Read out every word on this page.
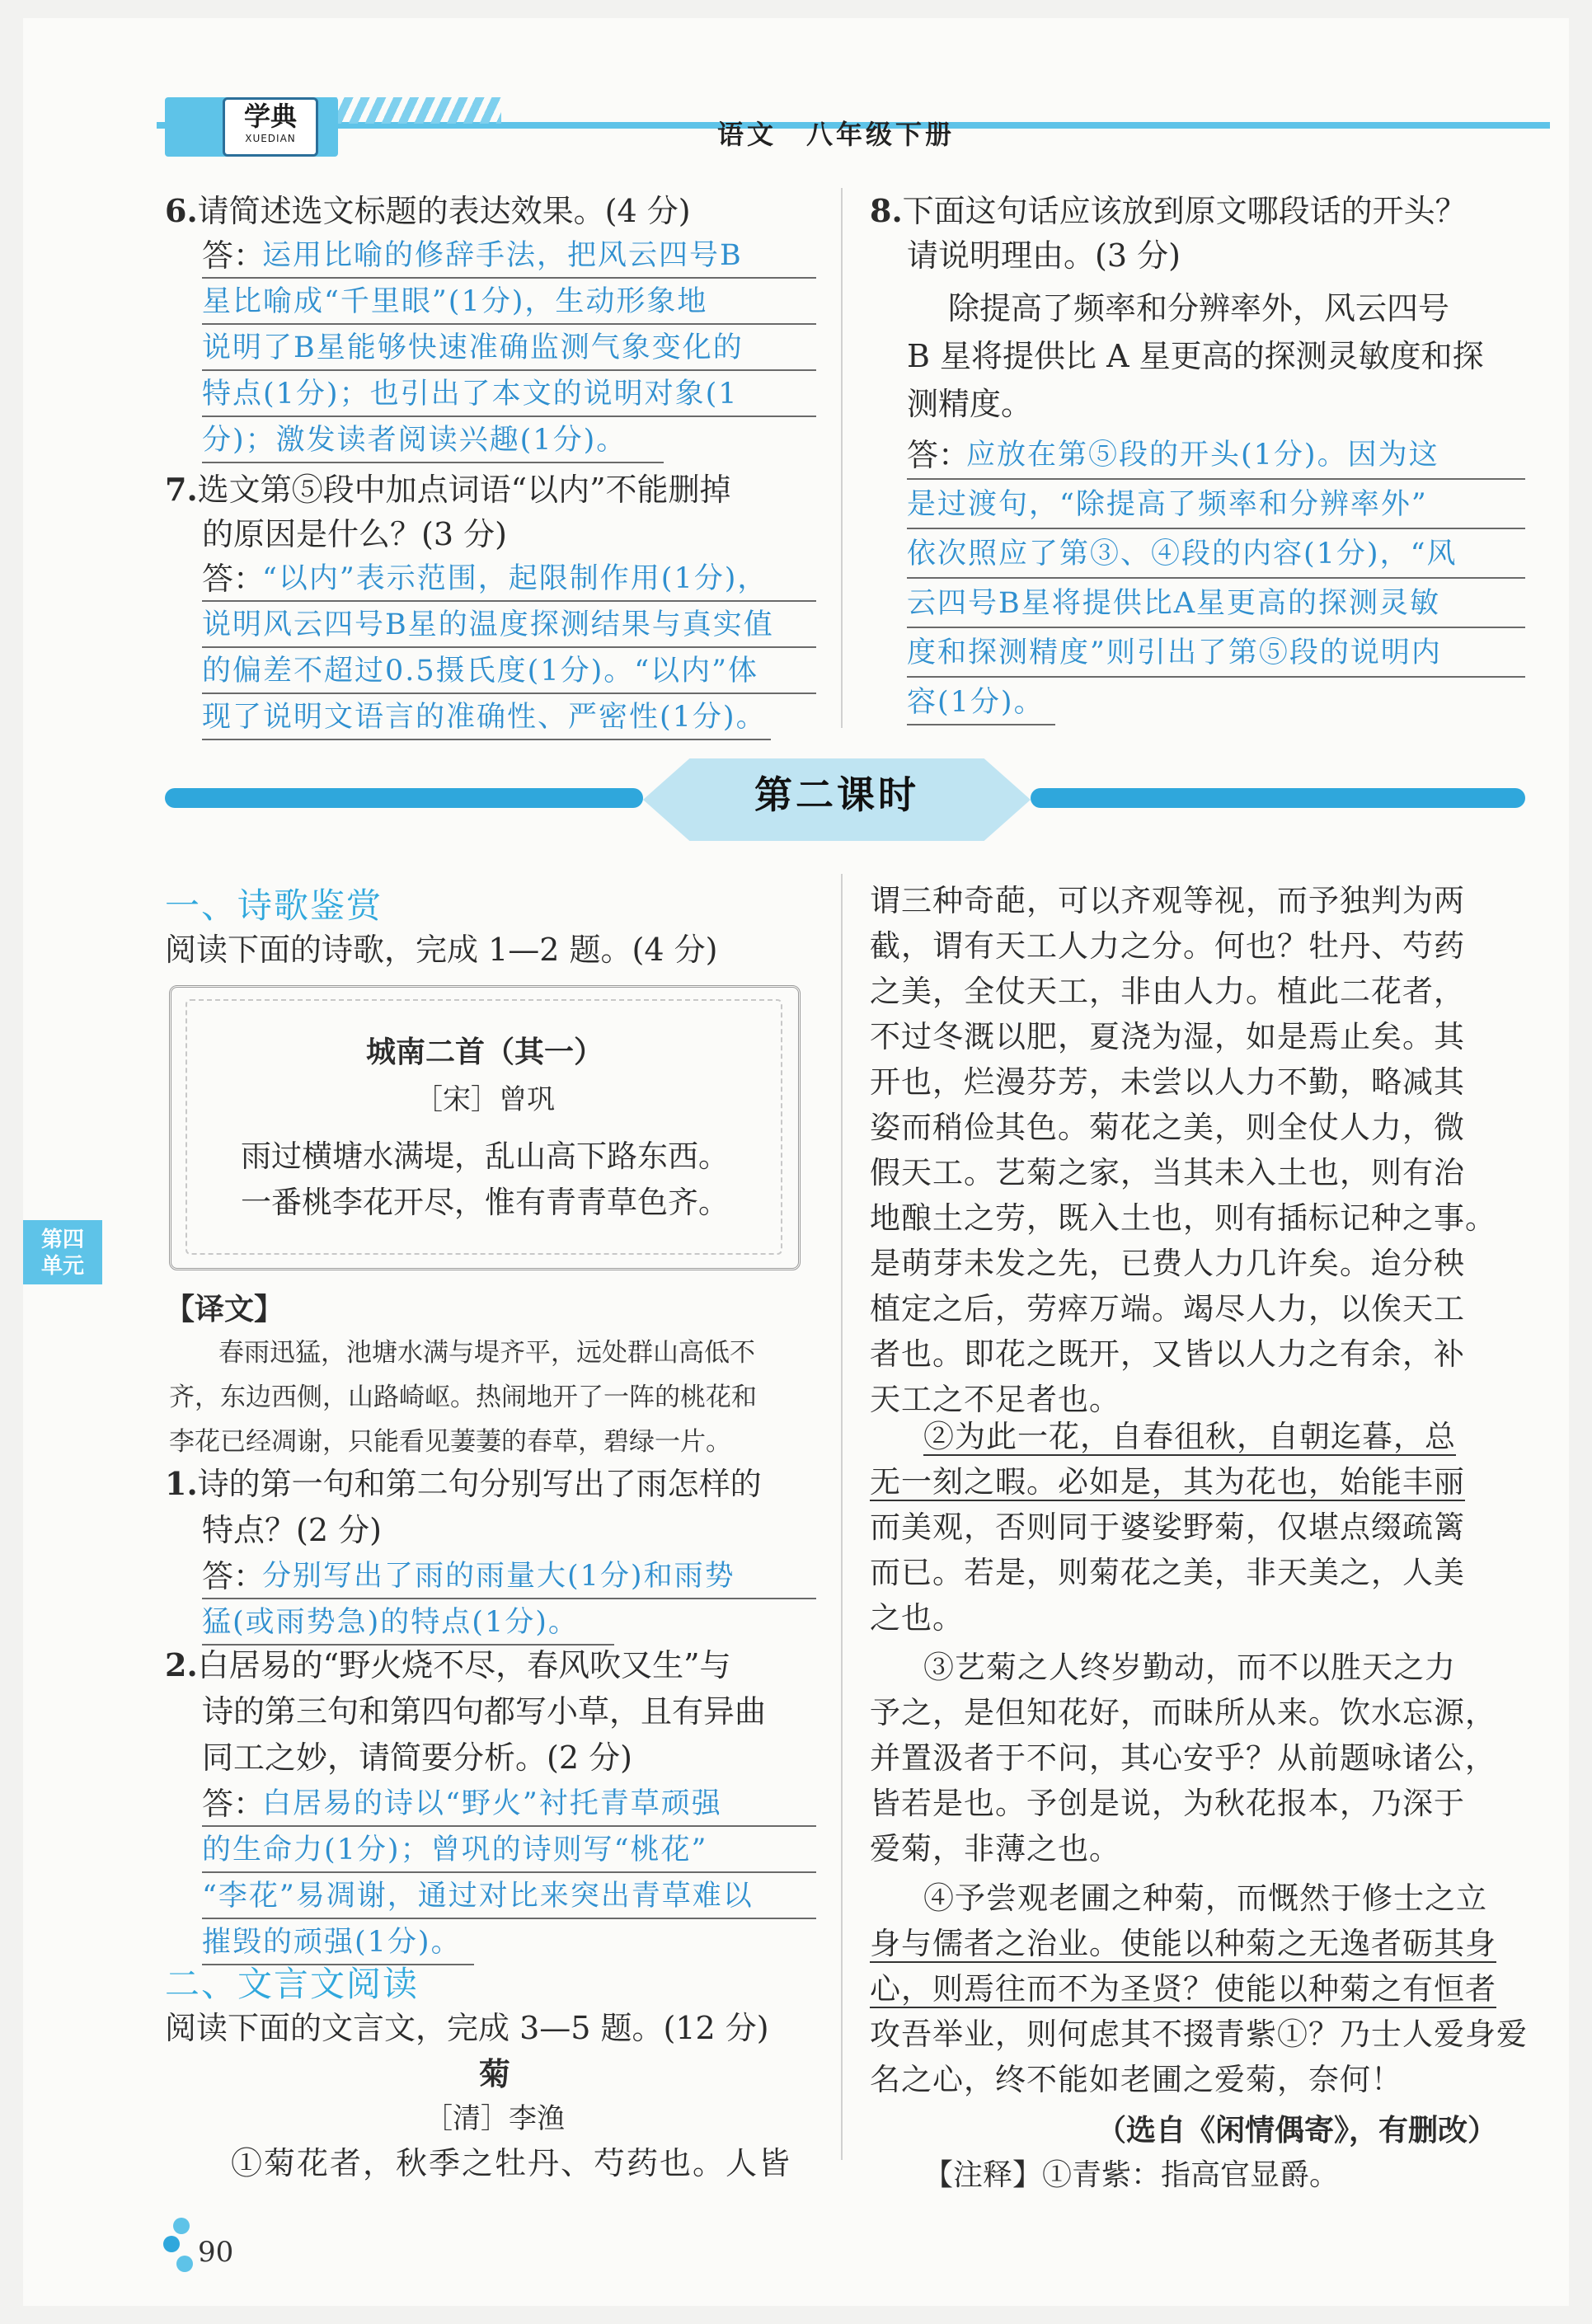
学典
XUEDIAN	语文　八年级下册
6.请简述选文标题的表达效果。(4 分)
答：
运用比喻的修辞手法，把风云四号B
星比喻成“千里眼”(1分)，生动形象地
说明了B星能够快速准确监测气象变化的
特点(1分)；也引出了本文的说明对象(1
分)；激发读者阅读兴趣(1分)。
7.选文第⑤段中加点词语“以内”不能删掉
的原因是什么？(3 分)
答：
“以内”表示范围，起限制作用(1分)，
说明风云四号B星的温度探测结果与真实值
的偏差不超过0.5摄氏度(1分)。“以内”体
现了说明文语言的准确性、严密性(1分)。
8.下面这句话应该放到原文哪段话的开头？
请说明理由。(3 分)
除提高了频率和分辨率外，风云四号
B 星将提供比 A 星更高的探测灵敏度和探
测精度。
答：
应放在第⑤段的开头(1分)。因为这
是过渡句，“除提高了频率和分辨率外”
依次照应了第③、④段的内容(1分)，“风
云四号B星将提供比A星更高的探测灵敏
度和探测精度”则引出了第⑤段的说明内
容(1分)。
第二课时
一、诗歌鉴赏
阅读下面的诗歌，完成 1—2 题。(4 分)
城南二首（其一）
［宋］曾巩
雨过横塘水满堤，乱山高下路东西。
一番桃李花开尽，惟有青青草色齐。
第四
单元
【译文】
春雨迅猛，池塘水满与堤齐平，远处群山高低不
齐，东边西侧，山路崎岖。热闹地开了一阵的桃花和
李花已经凋谢，只能看见萋萋的春草，碧绿一片。
1.诗的第一句和第二句分别写出了雨怎样的
特点？(2 分)
答：
分别写出了雨的雨量大(1分)和雨势
猛(或雨势急)的特点(1分)。
2.白居易的“野火烧不尽，春风吹又生”与
诗的第三句和第四句都写小草，且有异曲
同工之妙，请简要分析。(2 分)
答：
白居易的诗以“野火”衬托青草顽强
的生命力(1分)；曾巩的诗则写“桃花”
“李花”易凋谢，通过对比来突出青草难以
摧毁的顽强(1分)。
二、文言文阅读
阅读下面的文言文，完成 3—5 题。(12 分)
菊
［清］李渔
①菊花者，秋季之牡丹、芍药也。人皆
谓三种奇葩，可以齐观等视，而予独判为两
截，谓有天工人力之分。何也？牡丹、芍药
之美，全仗天工，非由人力。植此二花者，
不过冬溉以肥，夏浇为湿，如是焉止矣。其
开也，烂漫芬芳，未尝以人力不勤，略减其
姿而稍俭其色。菊花之美，则全仗人力，微
假天工。艺菊之家，当其未入土也，则有治
地酿土之劳，既入土也，则有插标记种之事。
是萌芽未发之先，已费人力几许矣。迨分秧
植定之后，劳瘁万端。竭尽人力，以俟天工
者也。即花之既开，又皆以人力之有余，补
天工之不足者也。
②为此一花，自春徂秋，自朝迄暮，总
无一刻之暇。必如是，其为花也，始能丰丽
而美观，否则同于婆娑野菊，仅堪点缀疏篱
而已。若是，则菊花之美，非天美之，人美
之也。
③艺菊之人终岁勤动，而不以胜天之力
予之，是但知花好，而昧所从来。饮水忘源，
并置汲者于不问，其心安乎？从前题咏诸公，
皆若是也。予创是说，为秋花报本，乃深于
爱菊，非薄之也。
④予尝观老圃之种菊，而慨然于修士之立
身与儒者之治业。使能以种菊之无逸者砺其身
心，则焉往而不为圣贤？使能以种菊之有恒者
攻吾举业，则何虑其不掇青紫①？乃士人爱身爱
名之心，终不能如老圃之爱菊，奈何！
（选自《闲情偶寄》，有删改）
【注释】①青紫：指高官显爵。
90
